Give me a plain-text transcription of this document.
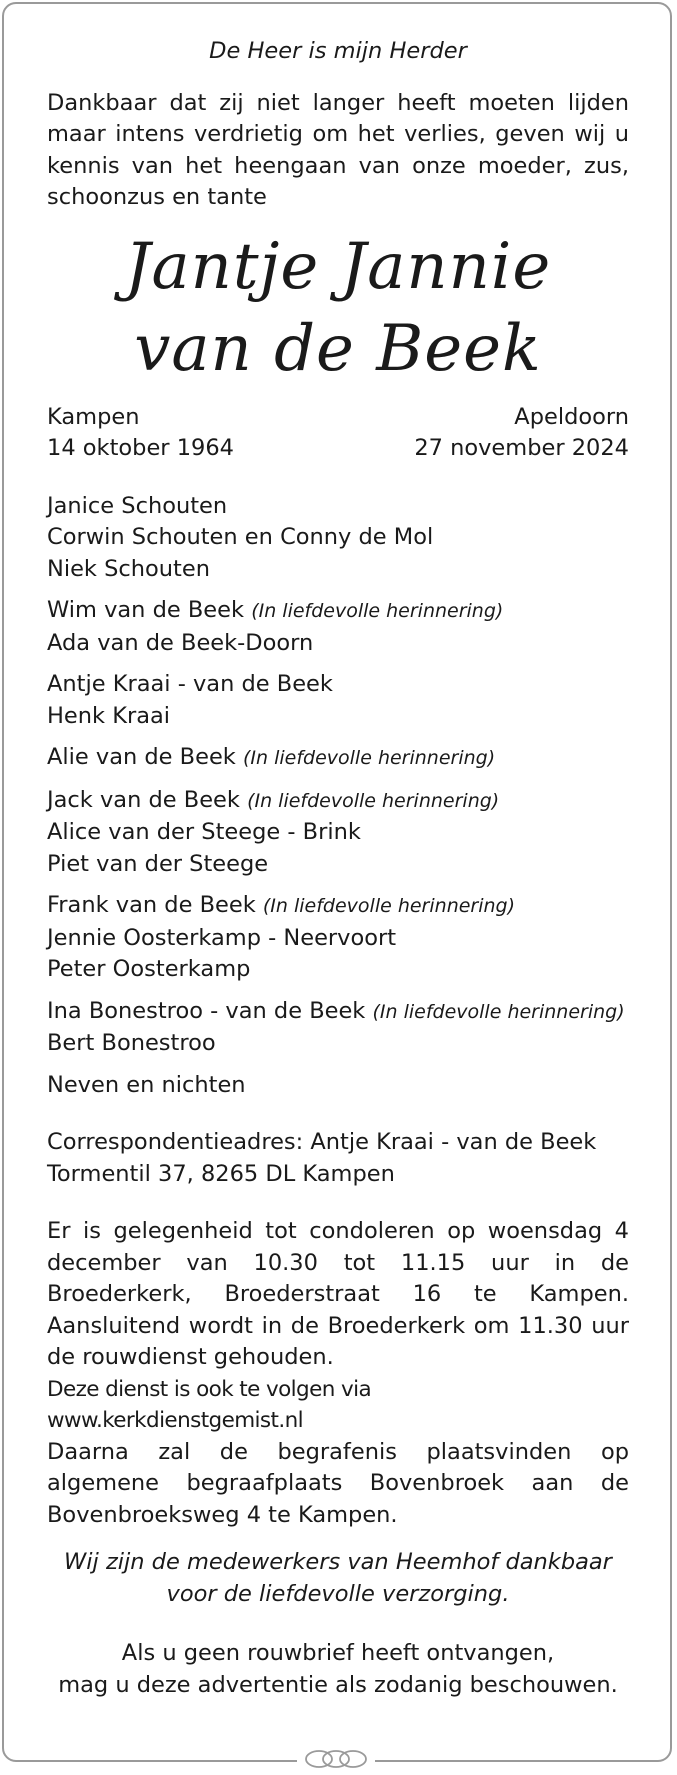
De Heer is mijn Herder

Dankbaar dat zij niet langer heeft moeten lijden maar intens verdrietig om het verlies, geven wij u kennis van het heengaan van onze moeder, zus, schoonzus en tante

Jantje Jannie
van de Beek
Kampen	Apeldoorn
14 oktober 1964	27 november 2024

Janice Schouten

Corwin Schouten en Conny de Mol

Niek Schouten

Wim van de Beek (In liefdevolle herinnering)

Ada van de Beek-Doorn

Antje Kraai - van de Beek

Henk Kraai

Alie van de Beek (In liefdevolle herinnering)

Jack van de Beek (In liefdevolle herinnering)

Alice van der Steege - Brink

Piet van der Steege

Frank van de Beek (In liefdevolle herinnering)

Jennie Oosterkamp - Neervoort

Peter Oosterkamp

Ina Bonestroo - van de Beek (In liefdevolle herinnering)

Bert Bonestroo

Neven en nichten

Correspondentieadres: Antje Kraai - van de Beek

Tormentil 37, 8265 DL Kampen

Er is gelegenheid tot condoleren op woensdag 4 december van 10.30 tot 11.15 uur in de Broederkerk, Broederstraat 16 te Kampen. Aansluitend wordt in de Broederkerk om 11.30 uur de rouwdienst gehouden.

Deze dienst is ook te volgen via www.kerkdienstgemist.nl

Daarna zal de begrafenis plaatsvinden op algemene begraafplaats Bovenbroek aan de Bovenbroeksweg 4 te Kampen.

Wij zijn de medewerkers van Heemhof dankbaar

voor de liefdevolle verzorging.

Als u geen rouwbrief heeft ontvangen,

mag u deze advertentie als zodanig beschouwen.
